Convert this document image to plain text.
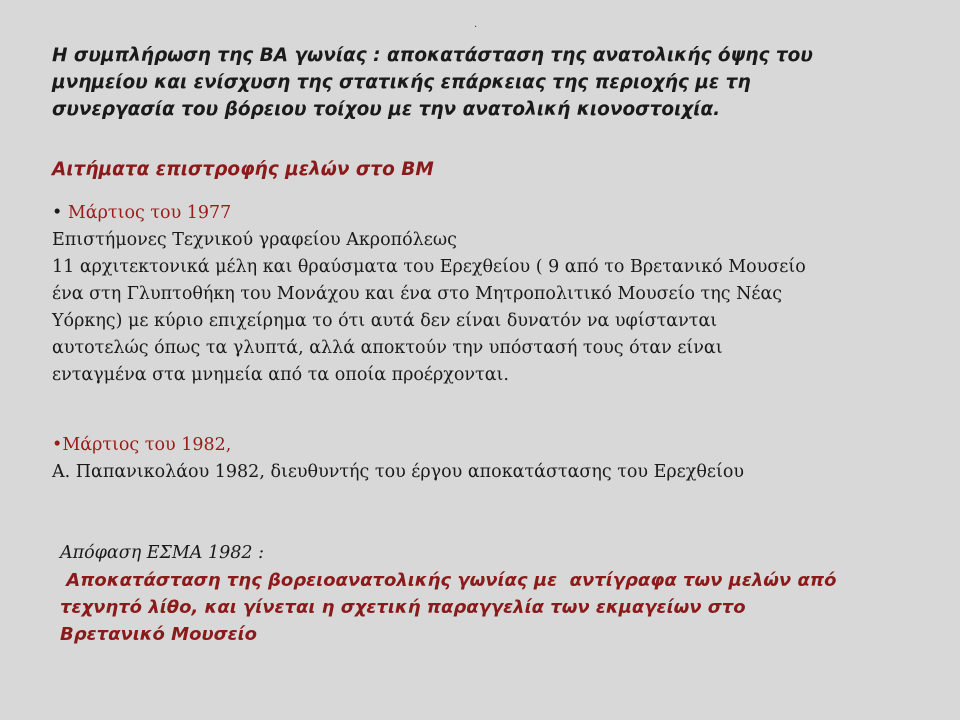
.

Η συμπλήρωση της ΒΑ γωνίας : αποκατάσταση της ανατολικής όψης του
μνημείου και ενίσχυση της στατικής επάρκειας της περιοχής με τη
συνεργασία του βόρειου τοίχου με την ανατολική κιονοστοιχία.

Αιτήματα επιστροφής μελών στο ΒΜ

• Μάρτιος του 1977
Επιστήμονες Τεχνικού γραφείου Ακροπόλεως
11 αρχιτεκτονικά μέλη και θραύσματα του Ερεχθείου ( 9 από το Βρετανικό Μουσείο
ένα στη Γλυπτοθήκη του Μονάχου και ένα στο Μητροπολιτικό Μουσείο της Νέας
Υόρκης) με κύριο επιχείρημα το ότι αυτά δεν είναι δυνατόν να υφίστανται
αυτοτελώς όπως τα γλυπτά, αλλά αποκτούν την υπόστασή τους όταν είναι
ενταγμένα στα μνημεία από τα οποία προέρχονται.

•Μάρτιος του 1982,
Α. Παπανικολάου 1982, διευθυντής του έργου αποκατάστασης του Ερεχθείου

Απόφαση ΕΣΜΑ 1982 :
Αποκατάσταση της βορειοανατολικής γωνίας με  αντίγραφα των μελών από
τεχνητό λίθο, και γίνεται η σχετική παραγγελία των εκμαγείων στο
Βρετανικό Μουσείο
